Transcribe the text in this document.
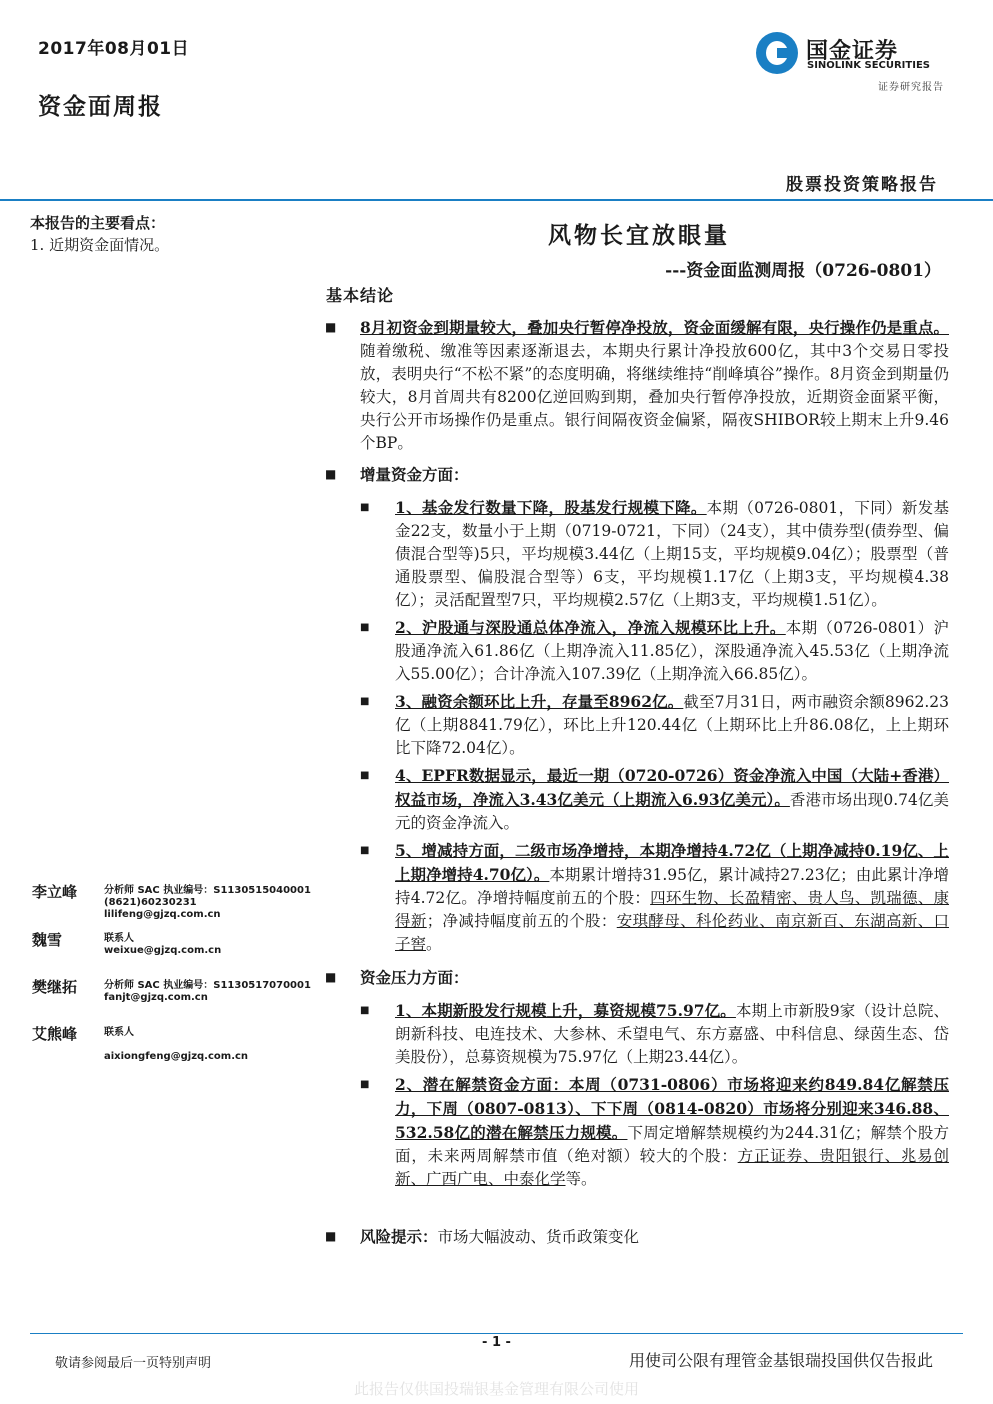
2017年08月01日
资金面周报
国金证券
SINOLINK SECURITIES
证券研究报告
股票投资策略报告
本报告的主要看点：
1. 近期资金面情况。	风物长宜放眼量
---资金面监测周报（0726-0801）
基本结论
■	8月初资金到期量较大，叠加央行暂停净投放，资金面缓解有限，央行操作仍是重点。随着缴税、缴准等因素逐渐退去，本期央行累计净投放600亿，其中3个交易日零投放，表明央行“不松不紧”的态度明确，将继续维持“削峰填谷”操作。8月资金到期量仍较大，8月首周共有8200亿逆回购到期，叠加央行暂停净投放，近期资金面紧平衡，央行公开市场操作仍是重点。银行间隔夜资金偏紧，隔夜SHIBOR较上期末上升9.46个BP。
■	增量资金方面：
■	1、基金发行数量下降，股基发行规模下降。本期（0726-0801，下同）新发基金22支，数量小于上期（0719-0721，下同）（24支），其中债券型(债券型、偏债混合型等)5只，平均规模3.44亿（上期15支，平均规模9.04亿）；股票型（普通股票型、偏股混合型等）6支，平均规模1.17亿（上期3支，平均规模4.38亿）；灵活配置型7只，平均规模2.57亿（上期3支，平均规模1.51亿）。
■	2、沪股通与深股通总体净流入，净流入规模环比上升。本期（0726-0801）沪股通净流入61.86亿（上期净流入11.85亿），深股通净流入45.53亿（上期净流入55.00亿）；合计净流入107.39亿（上期净流入66.85亿）。
■	3、融资余额环比上升，存量至8962亿。截至7月31日，两市融资余额8962.23亿（上期8841.79亿），环比上升120.44亿（上期环比上升86.08亿，上上期环比下降72.04亿）。
■	4、EPFR数据显示，最近一期（0720-0726）资金净流入中国（大陆+香港）权益市场，净流入3.43亿美元（上期流入6.93亿美元）。香港市场出现0.74亿美元的资金净流入。
■	5、增减持方面，二级市场净增持，本期净增持4.72亿（上期净减持0.19亿、上上期净增持4.70亿）。本期累计增持31.95亿，累计减持27.23亿；由此累计净增持4.72亿。净增持幅度前五的个股：四环生物、长盈精密、贵人鸟、凯瑞德、康得新；净减持幅度前五的个股：安琪酵母、科伦药业、南京新百、东湖高新、口子窖。
■	资金压力方面：
■	1、本期新股发行规模上升，募资规模75.97亿。本期上市新股9家（设计总院、朗新科技、电连技术、大参林、禾望电气、东方嘉盛、中科信息、绿茵生态、岱美股份），总募资规模为75.97亿（上期23.44亿）。
■	2、潜在解禁资金方面：本周（0731-0806）市场将迎来约849.84亿解禁压力，下周（0807-0813）、下下周（0814-0820）市场将分别迎来346.88、532.58亿的潜在解禁压力规模。下周定增解禁规模约为244.31亿；解禁个股方面，未来两周解禁市值（绝对额）较大的个股：方正证券、贵阳银行、兆易创新、广西广电、中泰化学等。
■	风险提示：市场大幅波动、货币政策变化
李立峰	分析师 SAC 执业编号：S1130515040001
(8621)60230231
lilifeng@gjzq.com.cn
魏雪	联系人
weixue@gjzq.com.cn
樊继拓	分析师 SAC 执业编号：S1130517070001
fanjt@gjzq.com.cn
艾熊峰	联系人
aixiongfeng@gjzq.com.cn
- 1 -
敬请参阅最后一页特别声明	用使司公限有理管金基银瑞投国供仅告报此
此报告仅供国投瑞银基金管理有限公司使用
